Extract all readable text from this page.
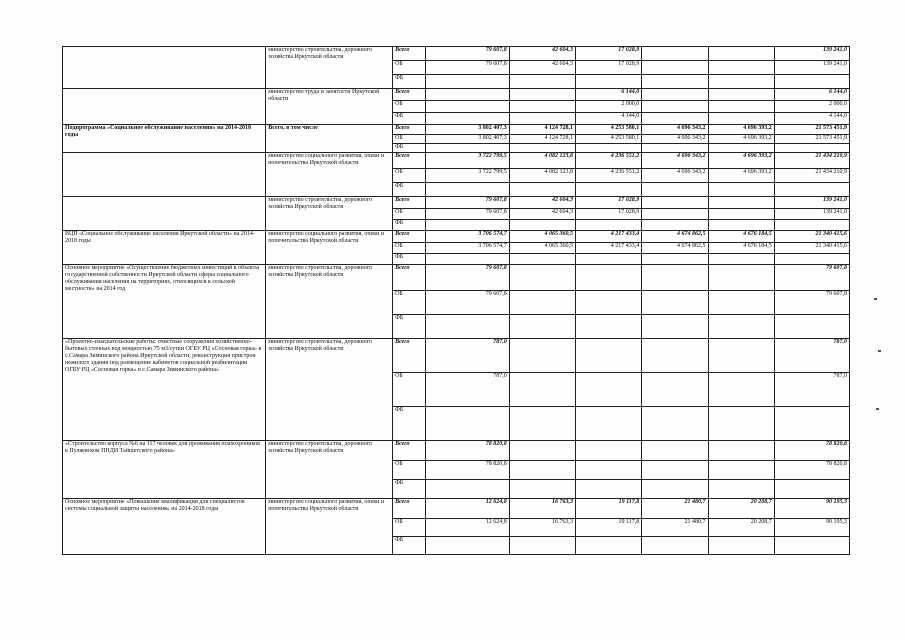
	министерство строительства, дорожного хозяйства Иркутской области	Всего	79 607,8	42 604,3	17 028,9			139 241,0
		ОБ	79 607,8	42 604,3	17 028,9			139 241,0
		ФБ						
	министерство труда и занятости Иркутской области	Всего			6 144,0			6 144,0
		ОБ			2 000,0			2 000,0
		ФБ			4 144,0			4 144,0
Подпрограмма «Социальное обслуживание населения» на 2014-2018 годы	Всего, в том числе	Всего	3 802 407,3	4 124 728,1	4 253 580,1	4 696 343,2	4 696 393,2	21 573 451,9
		ОБ	3 802 407,3	4 124 728,1	4 253 580,1	4 696 343,2	4 696 393,2	21 573 451,9
		ФБ						
	министерство социального развития, опеки и попечительства Иркутской области	Всего	3 722 799,5	4 082 123,8	4 236 551,2	4 696 343,2	4 696 393,2	21 434 210,9
		ОБ	3 722 799,5	4 082 123,8	4 236 551,2	4 696 343,2	4 696 393,2	21 434 210,9
		ФБ						
	министерство строительства, дорожного хозяйства Иркутской области	Всего	79 607,8	42 604,3	17 028,9			139 241,0
		ОБ	79 607,8	42 604,3	17 028,9			139 241,0
		ФБ						
ВЦП «Социальное обслуживание населения Иркутской области» на 2014-2018 годы	министерство социального развития, опеки и попечительства Иркутской области	Всего	3 706 574,7	4 065 360,5	4 217 433,4	4 674 862,5	4 676 184,5	21 340 415,6
		ОБ	3 706 574,7	4 065 360,5	4 217 433,4	4 674 862,5	4 676 184,5	21 340 415,6
		ФБ						
Основное мероприятие «Осуществление бюджетных инвестиций в объекты государственной собственности Иркутской области сферы социального обслуживания населения на территориях, относящихся к сельской местности» на 2014 год	министерство строительства, дорожного хозяйства Иркутской области	Всего	79 607,8					79 607,8
		ОБ	79 607,8					79 607,8
		ФБ						
«Проектно-изыскательские работы: очистные сооружения хозяйственно-бытовых сточных вод мощностью 75 м3/сутки ОГБУ РЦ «Сосновая горка» в с.Самара Зиминского района Иркутской области; реконструкция пристрои нежилого здания под размещение кабинетов социальной реабилитации ОГБУ РЦ «Сосновая горка» в с.Самара Зиминского района»	министерство строительства, дорожного хозяйства Иркутской области	Всего	787,0					787,0
		ОБ	787,0					787,0
		ФБ						
«Строительство корпуса №6 на 117 человек для проживания психохроников в Пуляевском ПНДИ Тайшетского района»	министерство строительства, дорожного хозяйства Иркутской области	Всего	78 820,8					78 820,8
		ОБ	78 820,8					78 820,8
		ФБ						
Основное мероприятие «Повышение квалификации для специалистов системы социальной защиты населения» на 2014-2018 годы	министерство социального развития, опеки и попечительства Иркутской области	Всего	12 624,8	16 763,3	19 117,8	21 480,7	20 208,7	90 195,3
		ОБ	12 624,8	16 763,3	19 117,8	21 480,7	20 208,7	90 195,3
		ФБ						
